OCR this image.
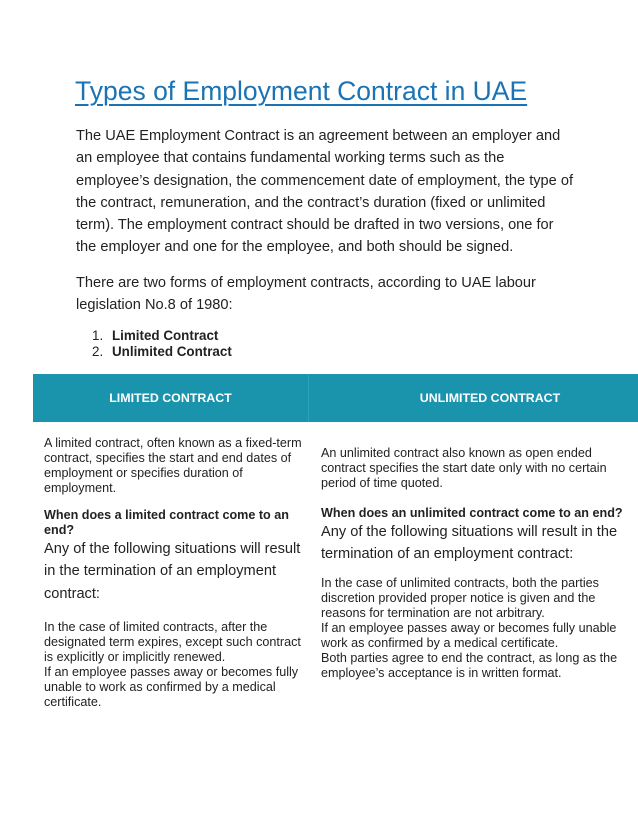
Types of Employment Contract in UAE

The UAE Employment Contract is an agreement between an employer and an employee that contains fundamental working terms such as the employee’s designation, the commencement date of employment, the type of the contract, remuneration, and the contract’s duration (fixed or unlimited term). The employment contract should be drafted in two versions, one for the employer and one for the employee, and both should be signed.

There are two forms of employment contracts, according to UAE labour legislation No.8 of 1980:

1. Limited Contract
2. Unlimited Contract
LIMITED CONTRACT	UNLIMITED CONTRACT

A limited contract, often known as a fixed-term contract, specifies the start and end dates of employment or specifies duration of employment.

When does a limited contract come to an end?

Any of the following situations will result in the termination of an employment contract:

In the case of limited contracts, after the designated term expires, except such contract is explicitly or implicitly renewed.

If an employee passes away or becomes fully unable to work as confirmed by a medical certificate.

An unlimited contract also known as open ended contract specifies the start date only with no certain period of time quoted.

When does an unlimited contract come to an end?

Any of the following situations will result in the termination of an employment contract:

In the case of unlimited contracts, both the parties discretion provided proper notice is given and the reasons for termination are not arbitrary.

If an employee passes away or becomes fully unable work as confirmed by a medical certificate.

Both parties agree to end the contract, as long as the employee’s acceptance is in written format.
